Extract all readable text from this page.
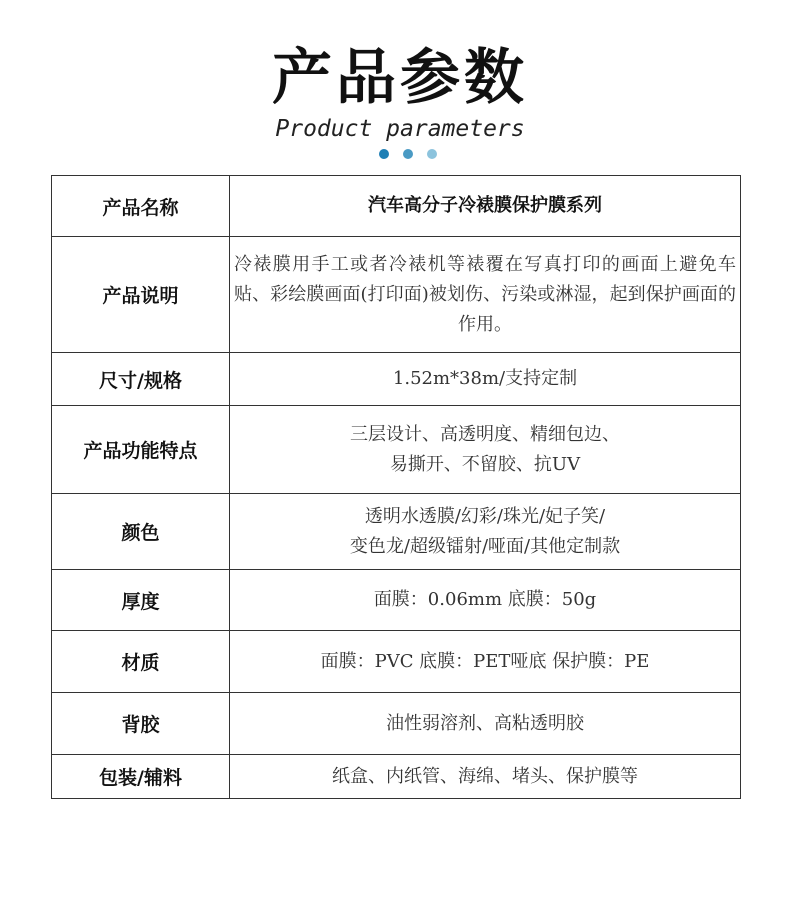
产品参数
Product parameters
产品名称	汽车高分子冷裱膜保护膜系列
产品说明	冷裱膜用手工或者冷裱机等裱覆在写真打印的画面上避免车贴、彩绘膜画面(打印面)被划伤、污染或淋湿，起到保护画面的作用。
尺寸/规格	1.52m*38m/支持定制
产品功能特点	三层设计、高透明度、精细包边、
易撕开、不留胶、抗UV

颜色	透明水透膜/幻彩/珠光/妃子笑/
变色龙/超级镭射/哑面/其他定制款

厚度	面膜：0.06mm 底膜：50g
材质	面膜：PVC 底膜：PET哑底 保护膜：PE
背胶	油性弱溶剂、高粘透明胶
包装/辅料	纸盒、内纸管、海绵、堵头、保护膜等
